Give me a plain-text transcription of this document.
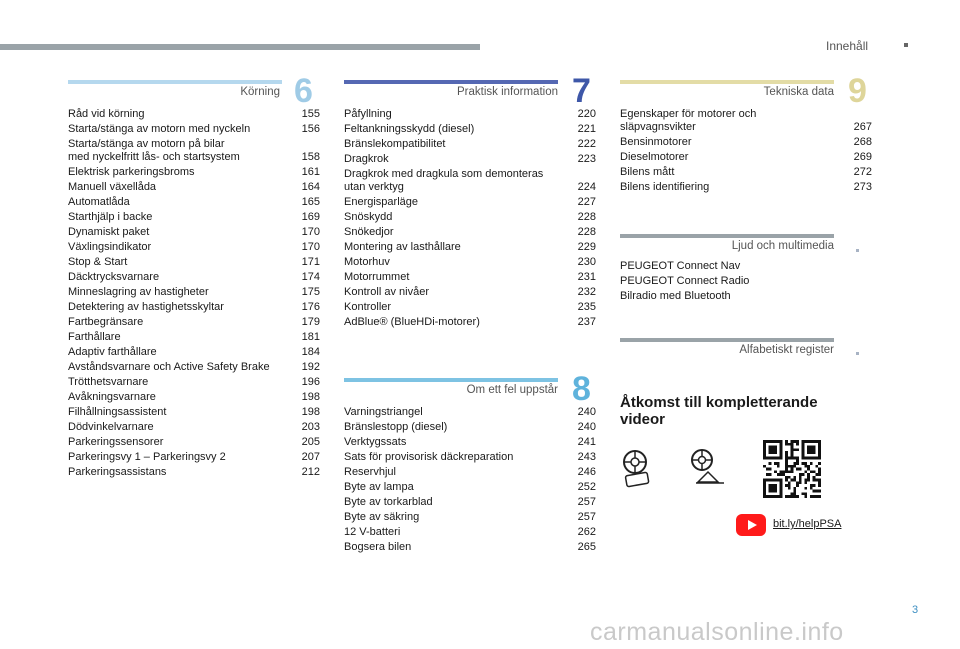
Innehåll
Körning 6
Råd vid körning	155
Starta/stänga av motorn med nyckeln	156
Starta/stänga av motorn på bilar
med nyckelfritt lås- och startsystem	158
Elektrisk parkeringsbroms	161
Manuell växellåda	164
Automatlåda	165
Starthjälp i backe	169
Dynamiskt paket	170
Växlingsindikator	170
Stop & Start	171
Däcktrycksvarnare	174
Minneslagring av hastigheter	175
Detektering av hastighetsskyltar	176
Fartbegränsare	179
Farthållare	181
Adaptiv farthållare	184
Avståndsvarnare och Active Safety Brake	192
Trötthetsvarnare	196
Avåkningsvarnare	198
Filhållningsassistent	198
Dödvinkelvarnare	203
Parkeringssensorer	205
Parkeringsvy 1 – Parkeringsvy 2	207
Parkeringsassistans	212
Praktisk information 7
Påfyllning	220
Feltankningsskydd (diesel)	221
Bränslekompatibilitet	222
Dragkrok	223
Dragkrok med dragkula som demonteras
utan verktyg	224
Energisparläge	227
Snöskydd	228
Snökedjor	228
Montering av lasthållare	229
Motorhuv	230
Motorrummet	231
Kontroll av nivåer	232
Kontroller	235
AdBlue® (BlueHDi-motorer)	237
Om ett fel uppstår 8
Varningstriangel	240
Bränslestopp (diesel)	240
Verktygssats	241
Sats för provisorisk däckreparation	243
Reservhjul	246
Byte av lampa	252
Byte av torkarblad	257
Byte av säkring	257
12 V-batteri	262
Bogsera bilen	265
Tekniska data 9
Egenskaper för motorer och
släpvagnsvikter	267
Bensinmotorer	268
Dieselmotorer	269
Bilens mått	272
Bilens identifiering	273
Ljud och multimedia
PEUGEOT Connect Nav
PEUGEOT Connect Radio
Bilradio med Bluetooth
Alfabetiskt register
Åtkomst till kompletterande videor
bit.ly/helpPSA
3
carmanualsonline.info
